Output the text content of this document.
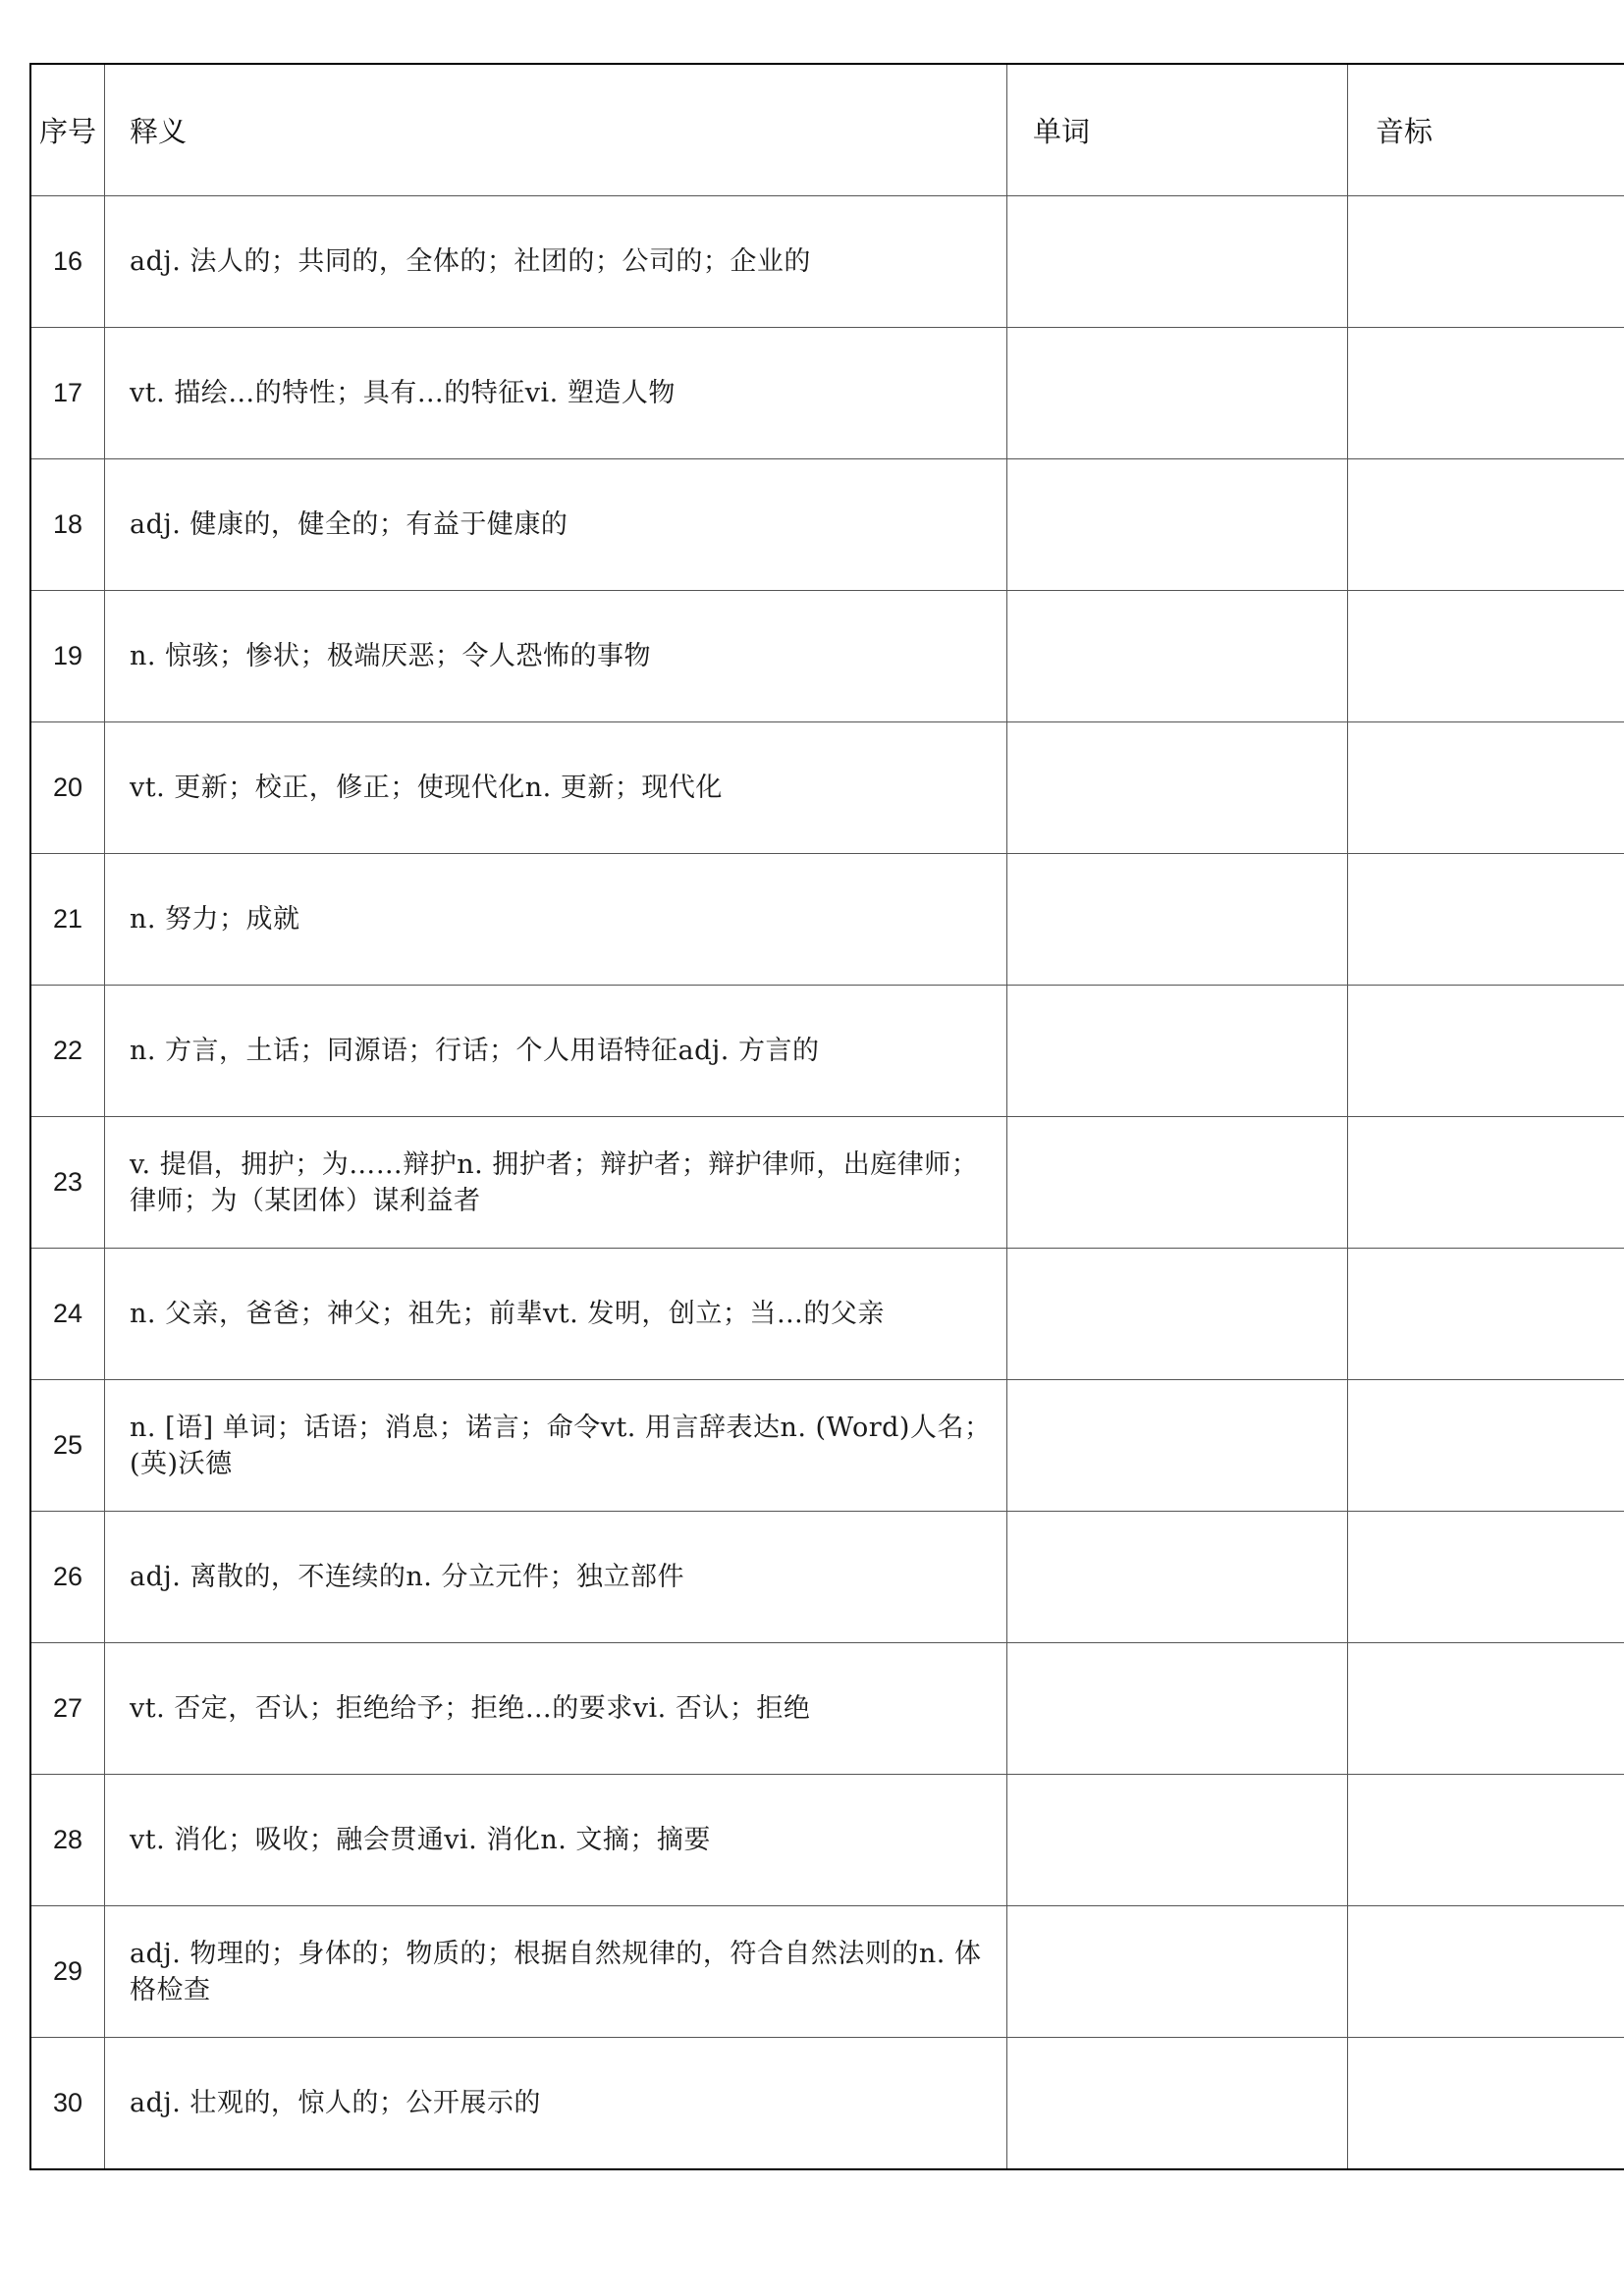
序号	释义	单词	音标
16	adj. 法人的；共同的，全体的；社团的；公司的；企业的		
17	vt. 描绘…的特性；具有…的特征vi. 塑造人物		
18	adj. 健康的，健全的；有益于健康的		
19	n. 惊骇；惨状；极端厌恶；令人恐怖的事物		
20	vt. 更新；校正，修正；使现代化n. 更新；现代化		
21	n. 努力；成就		
22	n. 方言，土话；同源语；行话；个人用语特征adj. 方言的		
23	v. 提倡，拥护；为……辩护n. 拥护者；辩护者；辩护律师，出庭律师；律师；为（某团体）谋利益者		
24	n. 父亲，爸爸；神父；祖先；前辈vt. 发明，创立；当…的父亲		
25	n. [语] 单词；话语；消息；诺言；命令vt. 用言辞表达n. (Word)人名；(英)沃德		
26	adj. 离散的，不连续的n. 分立元件；独立部件		
27	vt. 否定，否认；拒绝给予；拒绝…的要求vi. 否认；拒绝		
28	vt. 消化；吸收；融会贯通vi. 消化n. 文摘；摘要		
29	adj. 物理的；身体的；物质的；根据自然规律的，符合自然法则的n. 体格检查		
30	adj. 壮观的，惊人的；公开展示的		
